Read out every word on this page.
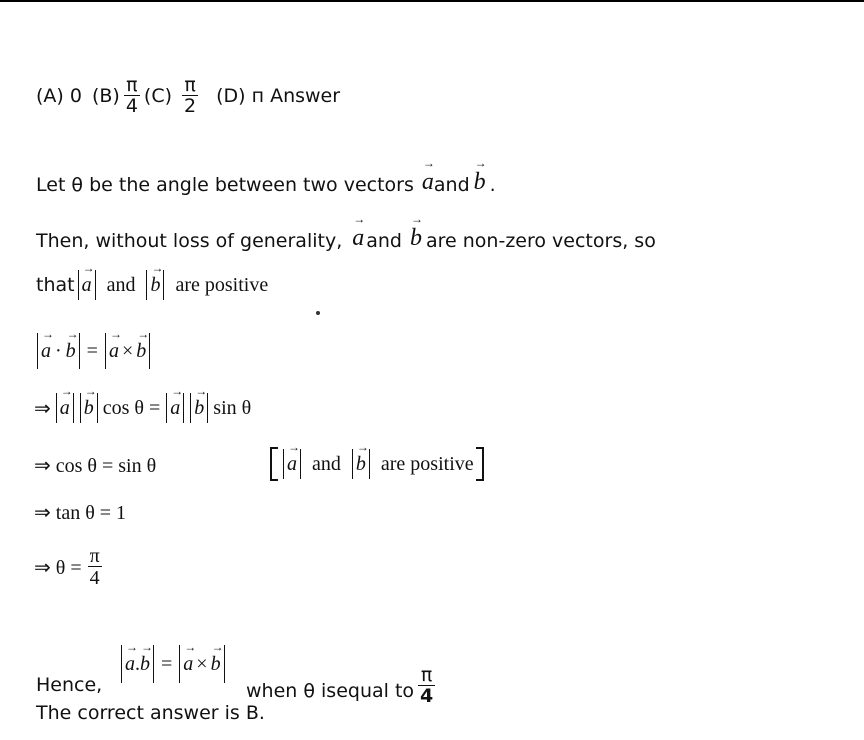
(A) 0 $(B) \frac{\pi}{4} (C) \frac{\pi}{2} (D)$ п Answer
Let θ be the angle between two vectors → a and → b .
Then, without loss of generality, → a and → b are non-zero vectors, so
that → a and → b are positive
→ a · → b = → a × → b
⇒ → a → b cos θ = → a → b sin θ
⇒ cos θ = sin θ	→ a and → b are positive
⇒ tan θ = 1
⇒ $\theta = \frac{\pi}{4}$
Hence,
→ a . → b = → a × → b
when θ isequal to $\frac{\pi}{4}$
The correct answer is B.
